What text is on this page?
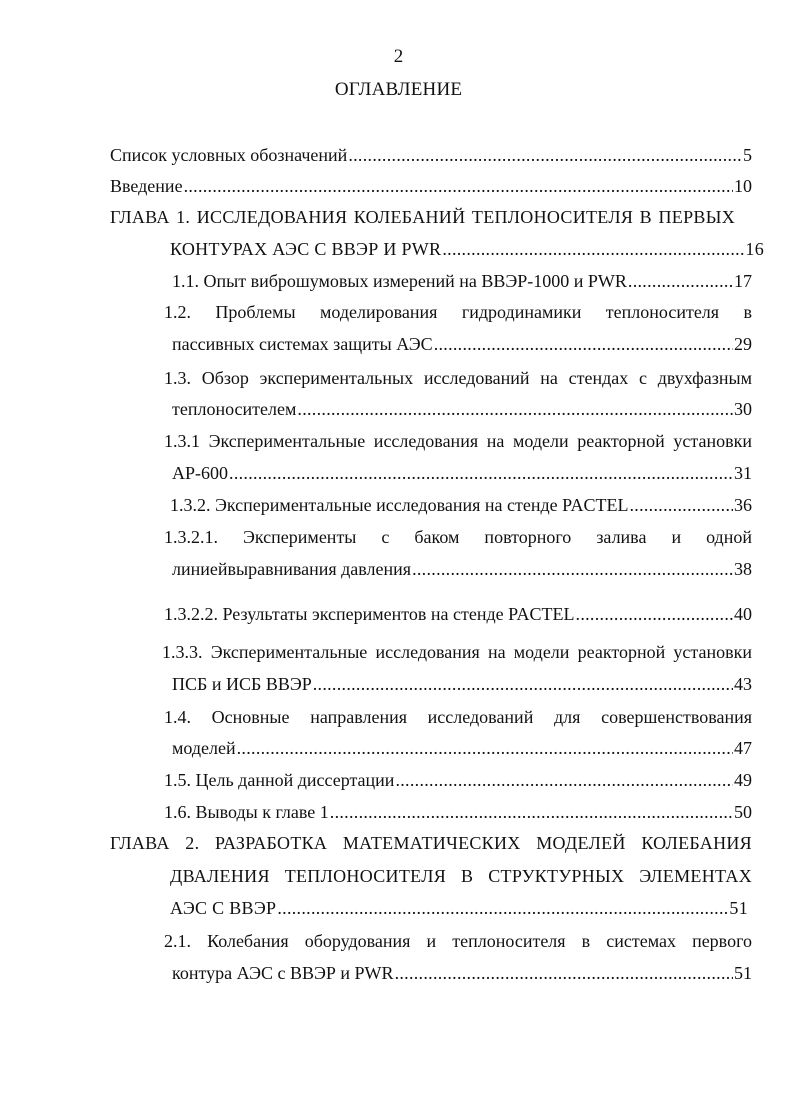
2
ОГЛАВЛЕНИЕ
Список условных обозначений .....	5
Введение .....	10
ГЛАВА 1. ИССЛЕДОВАНИЯ КОЛЕБАНИЙ ТЕПЛОНОСИТЕЛЯ В ПЕРВЫХ
КОНТУРАХ АЭС С ВВЭР И PWR .....	16
1.1. Опыт виброшумовых измерений на ВВЭР-1000 и PWR .....	17
1.2. Проблемы моделирования гидродинамики теплоносителя в
пассивных системах защиты АЭС .....	29
1.3. Обзор экспериментальных исследований на стендах с двухфазным
теплоносителем .....	30
1.3.1 Экспериментальные исследования на модели реакторной установки
АР-600 .....	31
1.3.2. Экспериментальные исследования на стенде PACTEL .....	36
1.3.2.1. Эксперименты с баком повторного залива и одной
линиейвыравнивания давления .....	38
1.3.2.2. Результаты экспериментов на стенде PACTEL .....	40
1.3.3. Экспериментальные исследования на модели реакторной установки
ПСБ и ИСБ ВВЭР .....	43
1.4. Основные направления исследований для совершенствования
моделей .....	47
1.5. Цель данной диссертации .....	49
1.6. Выводы к главе 1 .....	50
ГЛАВА 2. РАЗРАБОТКА МАТЕМАТИЧЕСКИХ МОДЕЛЕЙ КОЛЕБАНИЯ
ДВАЛЕНИЯ ТЕПЛОНОСИТЕЛЯ В СТРУКТУРНЫХ ЭЛЕМЕНТАХ
АЭС С ВВЭР .....	51
2.1. Колебания оборудования и теплоносителя в системах первого
контура АЭС с ВВЭР и PWR .....	51
